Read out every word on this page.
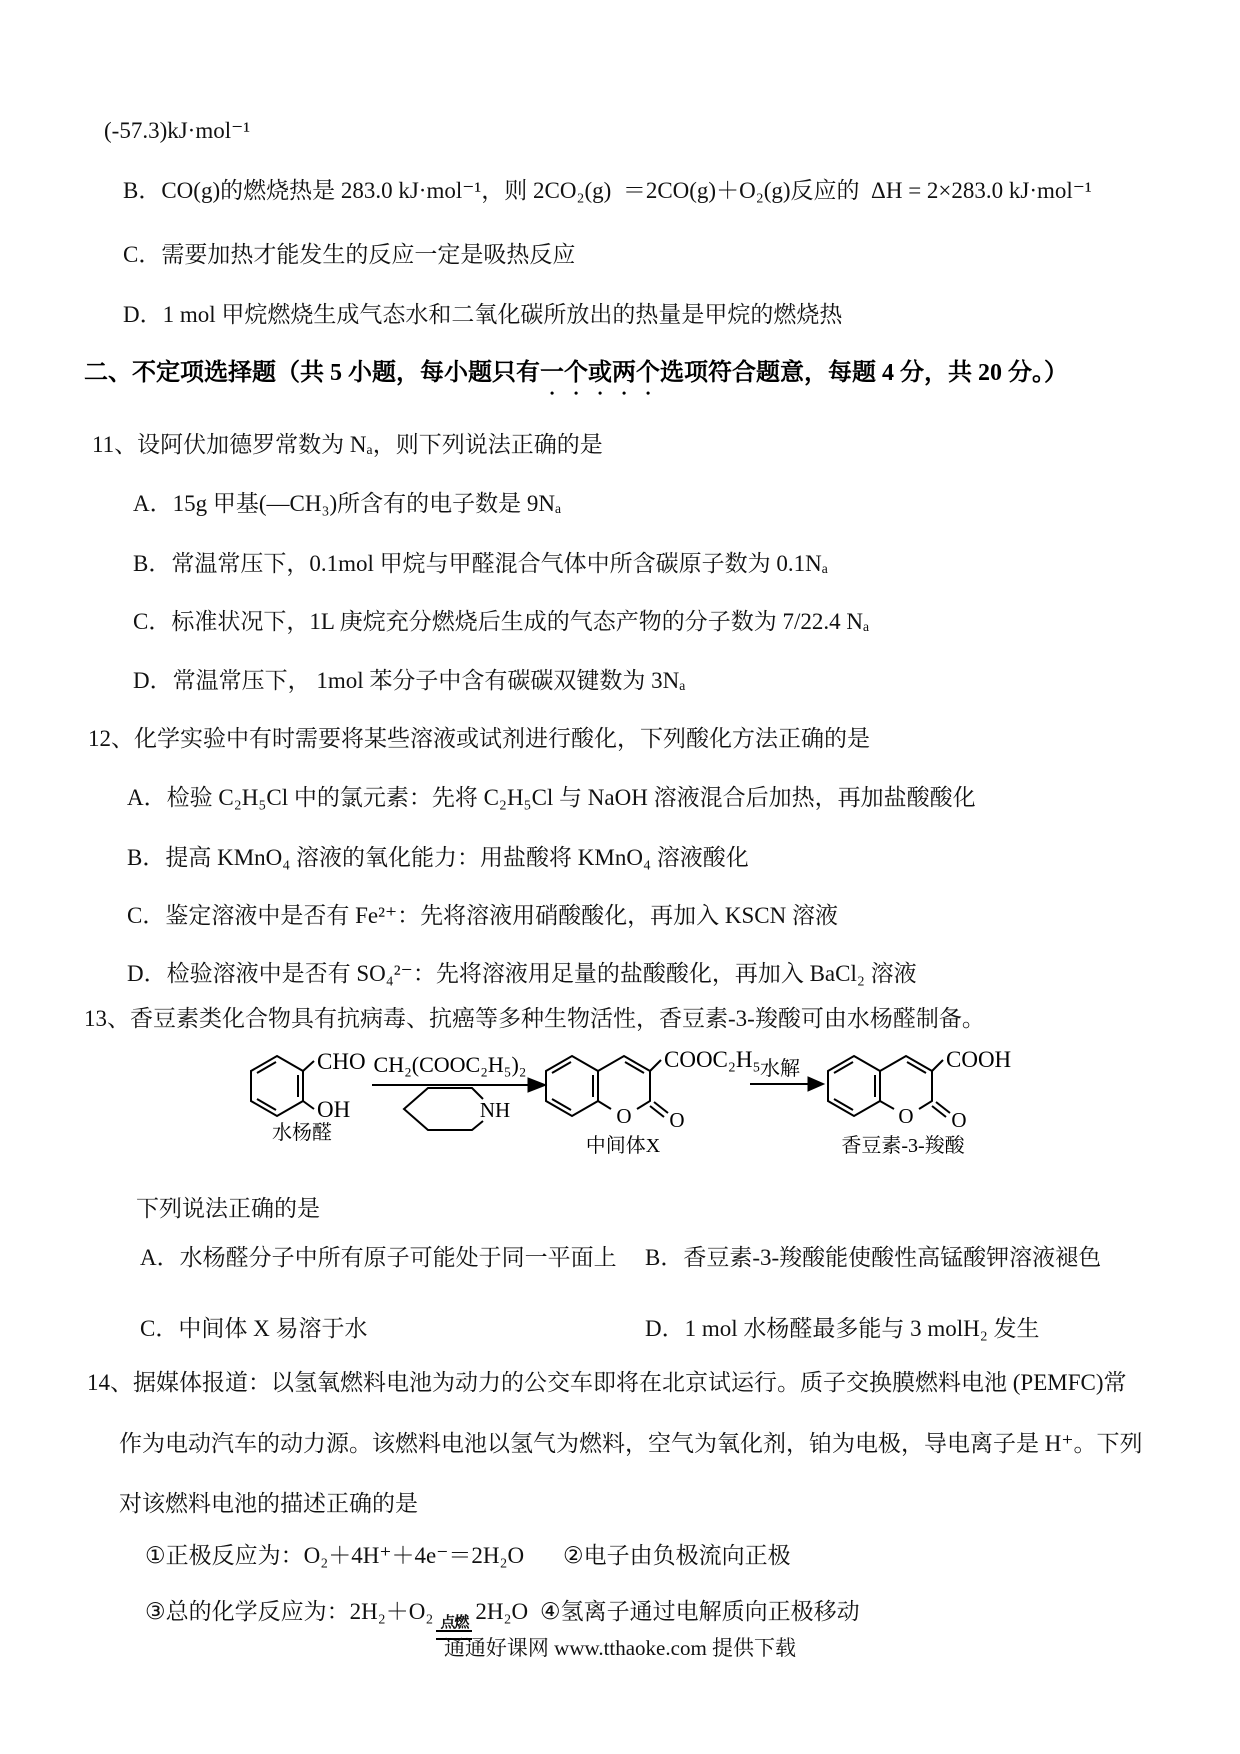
(-57.3)kJ·mol⁻¹
B．CO(g)的燃烧热是 283.0 kJ·mol⁻¹，则 2CO₂(g)  ＝2CO(g)＋O₂(g)反应的  ΔH = 2×283.0 kJ·mol⁻¹
C．需要加热才能发生的反应一定是吸热反应
D．1 mol 甲烷燃烧生成气态水和二氧化碳所放出的热量是甲烷的燃烧热
二、不定项选择题（共 5 小题，每小题只有一个或两个选项符合题意，每题 4 分，共 20 分。）
11、设阿伏加德罗常数为 Nₐ，则下列说法正确的是
A．15g 甲基(—CH₃)所含有的电子数是 9Nₐ
B．常温常压下，0.1mol 甲烷与甲醛混合气体中所含碳原子数为 0.1Nₐ
C．标准状况下，1L 庚烷充分燃烧后生成的气态产物的分子数为 7/22.4 Nₐ
D．常温常压下， 1mol 苯分子中含有碳碳双键数为 3Nₐ
12、化学实验中有时需要将某些溶液或试剂进行酸化，下列酸化方法正确的是
A．检验 C₂H₅Cl 中的氯元素：先将 C₂H₅Cl 与 NaOH 溶液混合后加热，再加盐酸酸化
B．提高 KMnO₄ 溶液的氧化能力：用盐酸将 KMnO₄ 溶液酸化
C．鉴定溶液中是否有 Fe²⁺：先将溶液用硝酸酸化，再加入 KSCN 溶液
D．检验溶液中是否有 SO₄²⁻：先将溶液用足量的盐酸酸化，再加入 BaCl₂ 溶液
13、香豆素类化合物具有抗病毒、抗癌等多种生物活性，香豆素-3-羧酸可由水杨醛制备。
CHO
OH
水杨醛
CH₂(COOC₂H₅)₂
NH
COOC₂H₅
O O
中间体X
水解	COOH
O O
香豆素-3-羧酸
下列说法正确的是
A．水杨醛分子中所有原子可能处于同一平面上 B．香豆素-3-羧酸能使酸性高锰酸钾溶液褪色
C．中间体 X 易溶于水	D．1 mol 水杨醛最多能与 3 molH₂ 发生
14、据媒体报道：以氢氧燃料电池为动力的公交车即将在北京试运行。质子交换膜燃料电池 (PEMFC)常
作为电动汽车的动力源。该燃料电池以氢气为燃料，空气为氧化剂，铂为电极，导电离子是 H⁺。下列
对该燃料电池的描述正确的是
①正极反应为：O₂＋4H⁺＋4e⁻＝2H₂O ②电子由负极流向正极
③总的化学反应为：2H₂＋O₂ 点燃 2H₂O ④氢离子通过电解质向正极移动
通通好课网 www.tthaoke.com 提供下载
